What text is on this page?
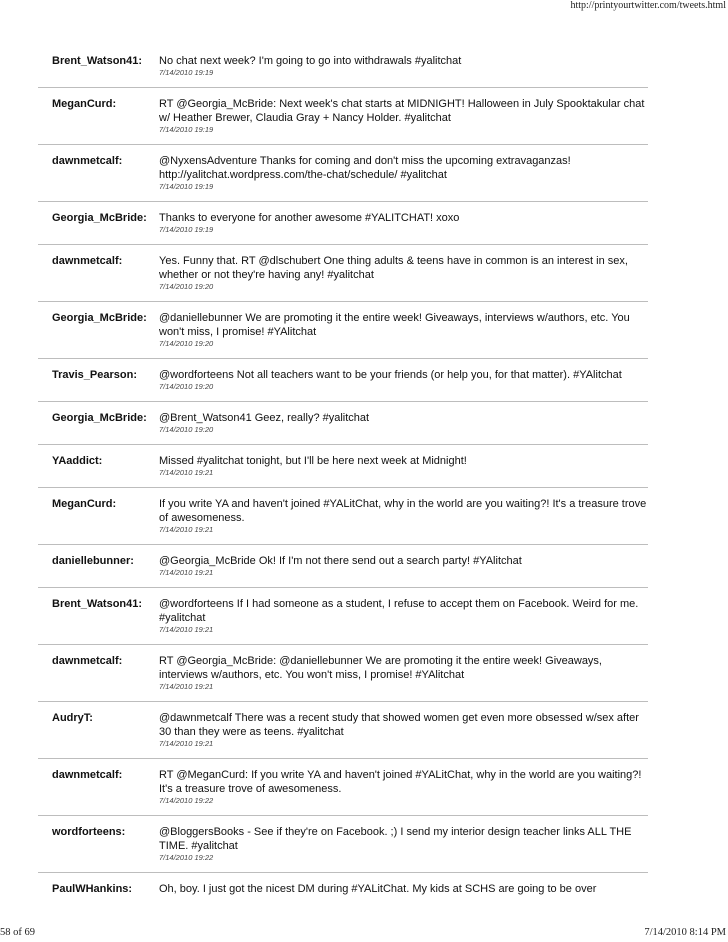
http://printyourtwitter.com/tweets.html
Brent_Watson41:	No chat next week? I'm going to go into withdrawals #yalitchat
7/14/2010 19:19
MeganCurd:	RT @Georgia_McBride: Next week's chat starts at MIDNIGHT! Halloween in July Spooktakular chat w/ Heather Brewer, Claudia Gray + Nancy Holder. #yalitchat
7/14/2010 19:19
dawnmetcalf:	@NyxensAdventure Thanks for coming and don't miss the upcoming extravaganzas! http://yalitchat.wordpress.com/the-chat/schedule/ #yalitchat
7/14/2010 19:19
Georgia_McBride:	Thanks to everyone for another awesome #YALITCHAT! xoxo
7/14/2010 19:19
dawnmetcalf:	Yes. Funny that. RT @dlschubert One thing adults & teens have in common is an interest in sex, whether or not they're having any! #yalitchat
7/14/2010 19:20
Georgia_McBride:	@daniellebunner We are promoting it the entire week! Giveaways, interviews w/authors, etc. You won't miss, I promise! #YAlitchat
7/14/2010 19:20
Travis_Pearson:	@wordforteens Not all teachers want to be your friends (or help you, for that matter). #YAlitchat
7/14/2010 19:20
Georgia_McBride:	@Brent_Watson41 Geez, really? #yalitchat
7/14/2010 19:20
YAaddict:	Missed #yalitchat tonight, but I'll be here next week at Midnight!
7/14/2010 19:21
MeganCurd:	If you write YA and haven't joined #YALitChat, why in the world are you waiting?! It's a treasure trove of awesomeness.
7/14/2010 19:21
daniellebunner:	@Georgia_McBride Ok! If I'm not there send out a search party! #YAlitchat
7/14/2010 19:21
Brent_Watson41:	@wordforteens If I had someone as a student, I refuse to accept them on Facebook. Weird for me. #yalitchat
7/14/2010 19:21
dawnmetcalf:	RT @Georgia_McBride: @daniellebunner We are promoting it the entire week! Giveaways, interviews w/authors, etc. You won't miss, I promise! #YAlitchat
7/14/2010 19:21
AudryT:	@dawnmetcalf There was a recent study that showed women get even more obsessed w/sex after 30 than they were as teens. #yalitchat
7/14/2010 19:21
dawnmetcalf:	RT @MeganCurd: If you write YA and haven't joined #YALitChat, why in the world are you waiting?! It's a treasure trove of awesomeness.
7/14/2010 19:22
wordforteens:	@BloggersBooks - See if they're on Facebook. ;) I send my interior design teacher links ALL THE TIME. #yalitchat
7/14/2010 19:22
PaulWHankins:	Oh, boy. I just got the nicest DM during #YALitChat. My kids at SCHS are going to be over
58 of 69	7/14/2010 8:14 PM
